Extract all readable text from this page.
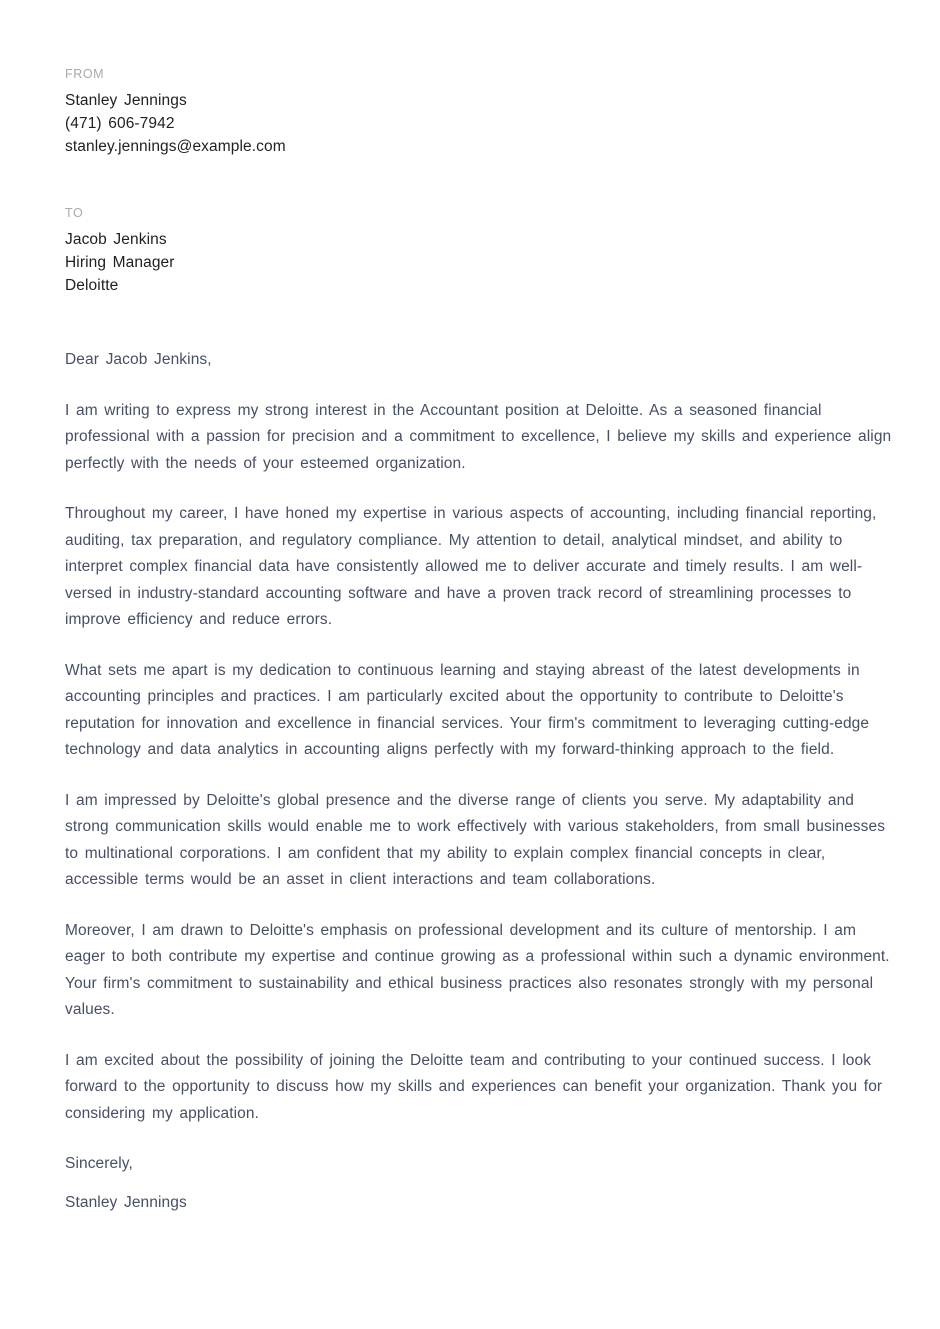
FROM
Stanley Jennings
(471) 606-7942
stanley.jennings@example.com
TO
Jacob Jenkins
Hiring Manager
Deloitte

Dear Jacob Jenkins,

I am writing to express my strong interest in the Accountant position at Deloitte. As a seasoned financial professional with a passion for precision and a commitment to excellence, I believe my skills and experience align perfectly with the needs of your esteemed organization.

Throughout my career, I have honed my expertise in various aspects of accounting, including financial reporting, auditing, tax preparation, and regulatory compliance. My attention to detail, analytical mindset, and ability to interpret complex financial data have consistently allowed me to deliver accurate and timely results. I am well-versed in industry-standard accounting software and have a proven track record of streamlining processes to improve efficiency and reduce errors.

What sets me apart is my dedication to continuous learning and staying abreast of the latest developments in accounting principles and practices. I am particularly excited about the opportunity to contribute to Deloitte's reputation for innovation and excellence in financial services. Your firm's commitment to leveraging cutting-edge technology and data analytics in accounting aligns perfectly with my forward-thinking approach to the field.

I am impressed by Deloitte's global presence and the diverse range of clients you serve. My adaptability and strong communication skills would enable me to work effectively with various stakeholders, from small businesses to multinational corporations. I am confident that my ability to explain complex financial concepts in clear, accessible terms would be an asset in client interactions and team collaborations.

Moreover, I am drawn to Deloitte's emphasis on professional development and its culture of mentorship. I am eager to both contribute my expertise and continue growing as a professional within such a dynamic environment. Your firm's commitment to sustainability and ethical business practices also resonates strongly with my personal values.

I am excited about the possibility of joining the Deloitte team and contributing to your continued success. I look forward to the opportunity to discuss how my skills and experiences can benefit your organization. Thank you for considering my application.

Sincerely,

Stanley Jennings
